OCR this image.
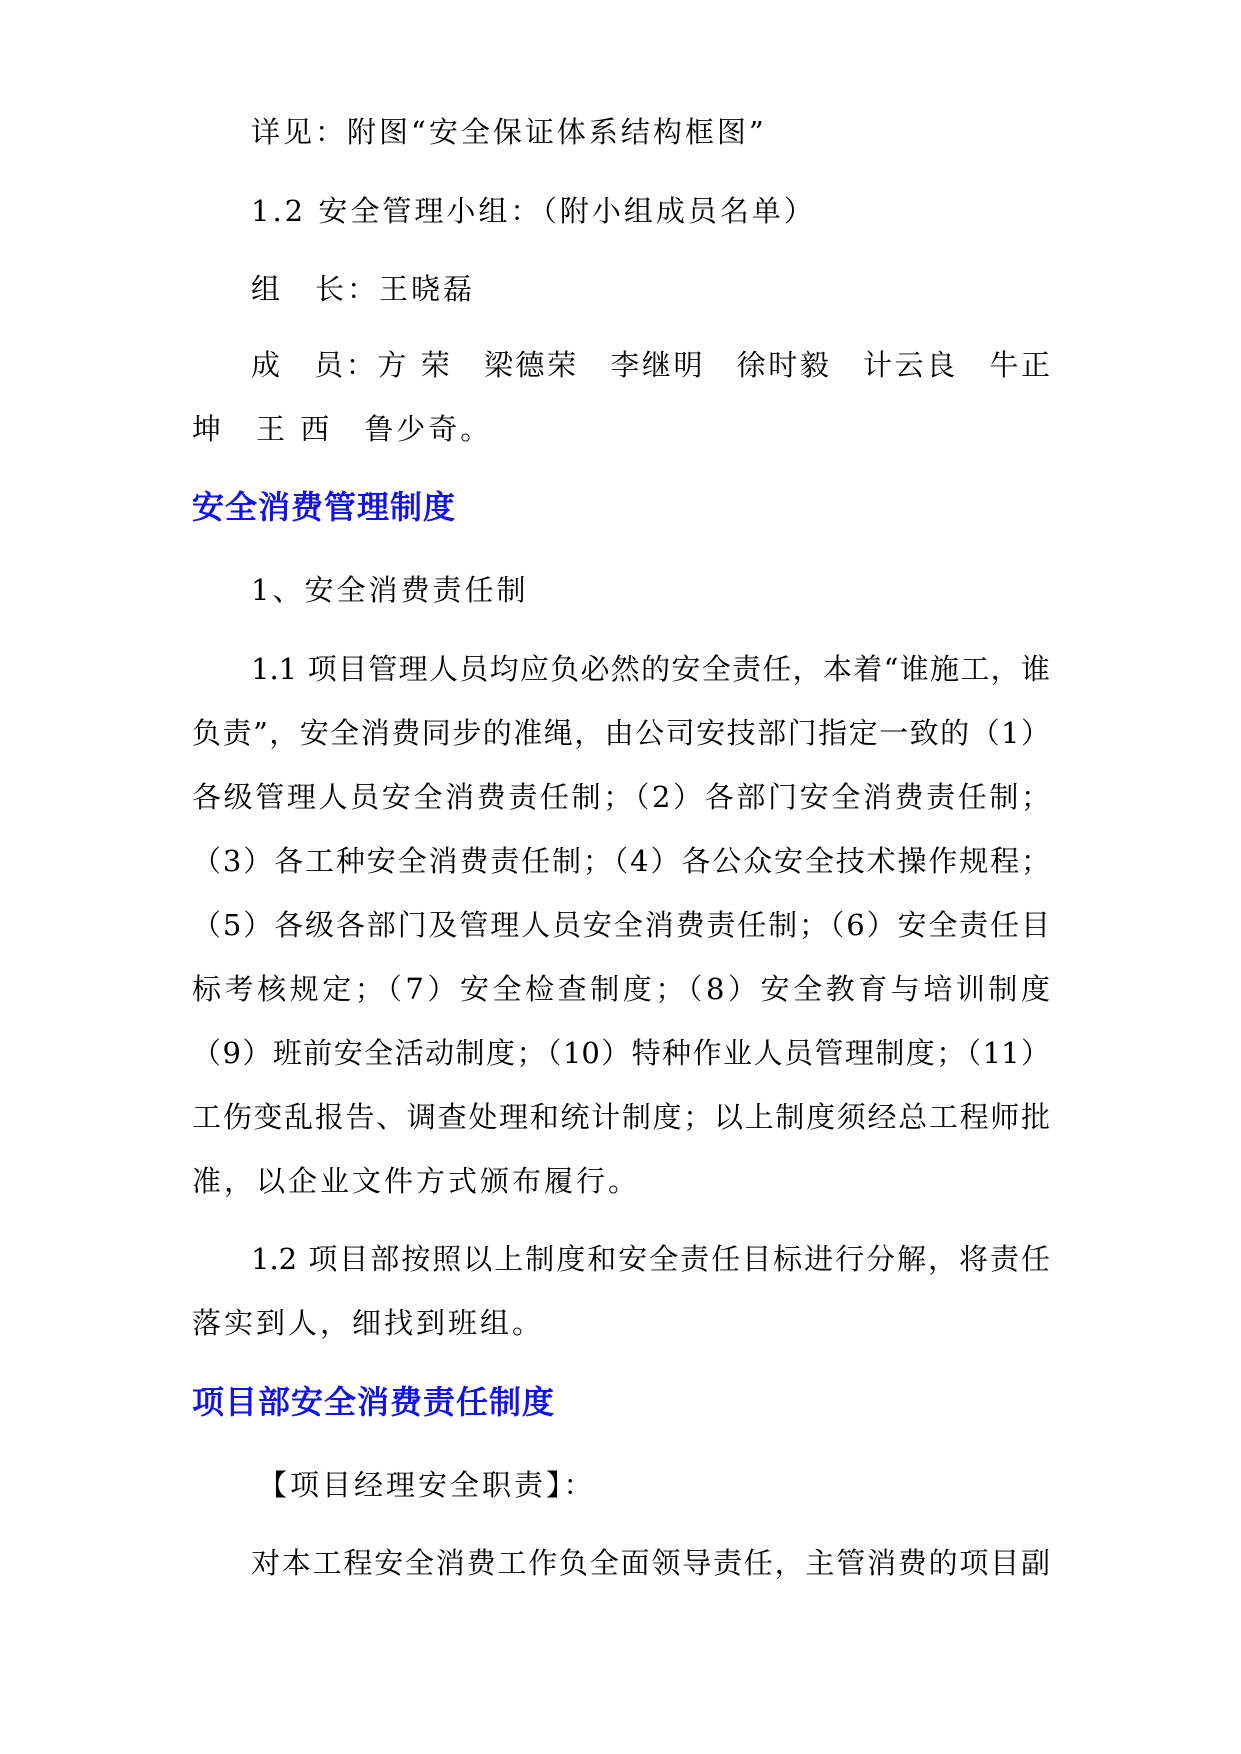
详见：附图“安全保证体系结构框图”
1.2 安全管理小组：（附小组成员名单）
组　长：王晓磊
成　员：方 荣　梁德荣　李继明　徐时毅　计云良　牛正
坤　王 西　鲁少奇。
安全消费管理制度
1、安全消费责任制
1.1 项目管理人员均应负必然的安全责任，本着“谁施工，谁
负责”，安全消费同步的准绳，由公司安技部门指定一致的（1）
各级管理人员安全消费责任制；（2）各部门安全消费责任制；
（3）各工种安全消费责任制；（4）各公众安全技术操作规程；
（5）各级各部门及管理人员安全消费责任制；（6）安全责任目
标考核规定；（7）安全检查制度；（8）安全教育与培训制度
（9）班前安全活动制度；（10）特种作业人员管理制度；（11）
工伤变乱报告、调查处理和统计制度；以上制度须经总工程师批
准，以企业文件方式颁布履行。
1.2 项目部按照以上制度和安全责任目标进行分解，将责任
落实到人，细找到班组。
项目部安全消费责任制度
【项目经理安全职责】：
对本工程安全消费工作负全面领导责任，主管消费的项目副
